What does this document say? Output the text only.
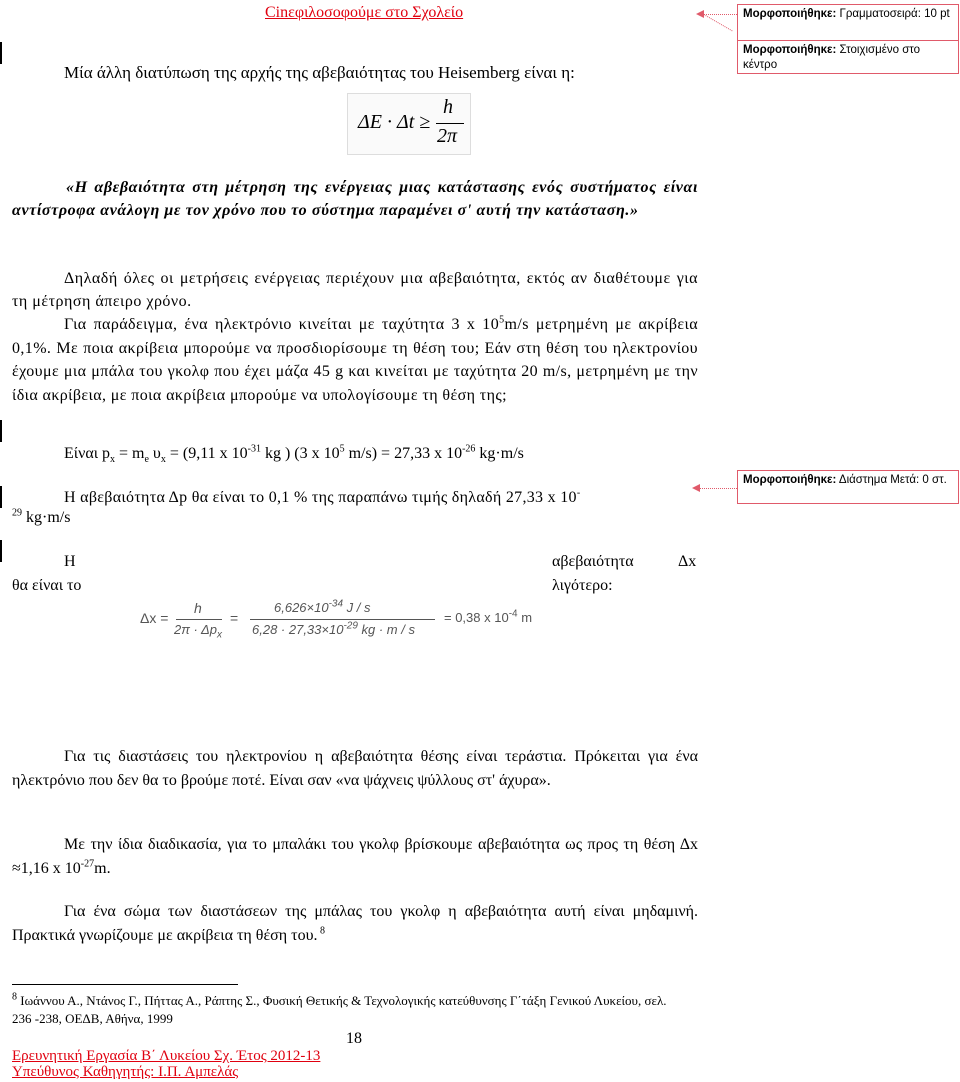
Cinεφιλοσοφούμε στο Σχολείο	Μορφοποιήθηκε: Γραμματοσειρά: 10 pt
Μορφοποιήθηκε: Στοιχισμένο στο κέντρο
Μορφοποιήθηκε: Διάστημα Μετά: 0 στ.
Μία άλλη διατύπωση της αρχής της αβεβαιότητας του Heisemberg είναι η:
ΔE · Δt ≥
h
2π
«Η αβεβαιότητα στη μέτρηση της ενέργειας μιας κατάστασης ενός συστήματος είναι αντίστροφα ανάλογη με τον χρόνο που το σύστημα παραμένει σ' αυτή την κατάσταση.»
Δηλαδή όλες οι μετρήσεις ενέργειας περιέχουν μια αβεβαιότητα, εκτός αν διαθέτουμε για τη μέτρηση άπειρο χρόνο.
Για παράδειγμα, ένα ηλεκτρόνιο κινείται με ταχύτητα 3 x $10^5m/s$ μετρημένη με ακρίβεια 0,1%. Με ποια ακρίβεια μπορούμε να προσδιορίσουμε τη θέση του; Εάν στη θέση του ηλεκτρονίου έχουμε μια μπάλα του γκολφ που έχει μάζα 45 g και κινείται με ταχύτητα 20 m/s, μετρημένη με την ίδια ακρίβεια, με ποια ακρίβεια μπορούμε να υπολογίσουμε τη θέση της;
Είναι $p_x = m_e$ $\upsilon_x = (9,11$ x $10^{-31}$ kg ) (3 x $10^5$ m/s) = 27,33 x $10^{-26}$ kg·m/s
Η αβεβαιότητα Δp θα είναι το 0,1 % της παραπάνω τιμής δηλαδή 27,33 x 10-
$^{29}$ kg·m/s
Η	αβεβαιότητα	Δx
θα είναι το	λιγότερο:
Δx =
h
$2\pi \cdot \Delta p_x$
=
$6,626\times 10^{-34}$ J / s
$6,28 \cdot 27,33\times 10^{-29}$ kg · m / s
= 0,38 x $10^{-4}$ m
Για τις διαστάσεις του ηλεκτρονίου η αβεβαιότητα θέσης είναι τεράστια. Πρόκειται για ένα ηλεκτρόνιο που δεν θα το βρούμε ποτέ. Είναι σαν «να ψάχνεις ψύλλους στ' άχυρα».
Με την ίδια διαδικασία, για το μπαλάκι του γκολφ βρίσκουμε αβεβαιότητα ως προς τη θέση Δx ≈1,16 x $10^{-27}m$.
Για ένα σώμα των διαστάσεων της μπάλας του γκολφ η αβεβαιότητα αυτή είναι μηδαμινή. Πρακτικά γνωρίζουμε με ακρίβεια τη θέση του. $^8$
$^8$ Ιωάννου Α., Ντάνος Γ., Πήττας Α., Ράπτης Σ., Φυσική Θετικής & Τεχνολογικής κατεύθυνσης Γ΄τάξη Γενικού Λυκείου, σελ. 236 -238, ΟΕΔΒ, Αθήνα, 1999
18
Ερευνητική Εργασία Β΄ Λυκείου Σχ. Έτος 2012-13
Υπεύθυνος Καθηγητής: Ι.Π. Αμπελάς
